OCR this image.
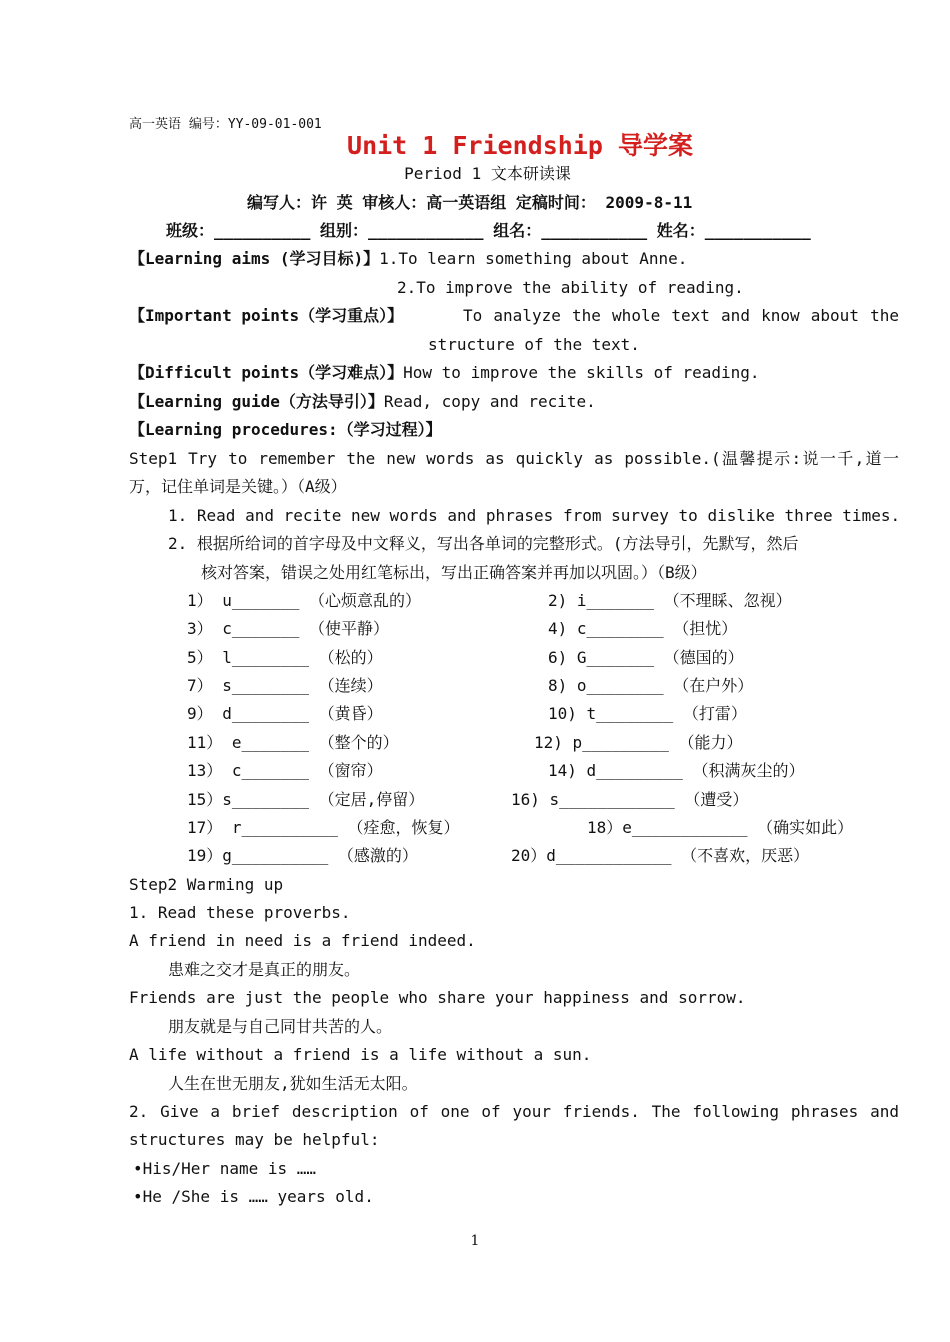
高一英语 编号：YY-09-01-001
Unit 1 Friendship 导学案
Period 1 文本研读课
编写人：许 英 审核人：高一英语组 定稿时间： 2009-8-11
班级：__________ 组别：____________ 组名：___________ 姓名：___________
【Learning aims (学习目标)】1.To learn something about Anne.
2.To improve the ability of reading.
【Important points（学习重点）】	To analyze the whole text and know about the
structure of the text.
【Difficult points（学习难点）】How to improve the skills of reading.
【Learning guide（方法导引）】Read, copy and recite.
【Learning procedures:（学习过程）】
Step1 Try to remember the new words as quickly as possible.(温馨提示:说一千,道一
万，记住单词是关键。）（A级）
1. Read and recite new words and phrases from survey to dislike three times.
2. 根据所给词的首字母及中文释义，写出各单词的完整形式。(方法导引，先默写，然后
核对答案，错误之处用红笔标出，写出正确答案并再加以巩固。）（B级）
1） u_______ （心烦意乱的）	2) i_______ （不理睬、忽视）
3） c_______ （使平静）	4) c________ （担忧）
5） l________ （松的）	6) G_______ （德国的）
7） s________ （连续）	8) o________ （在户外）
9） d________ （黄昏）	10) t________ （打雷）
11） e_______ （整个的）	12) p_________ （能力）
13） c_______ （窗帘）	14) d_________ （积满灰尘的）
15）s________ （定居,停留）	16) s____________ （遭受）
17） r__________ （痊愈，恢复）	18）e____________ （确实如此）
19）g__________ （感激的）	20）d____________ （不喜欢，厌恶）
Step2 Warming up
1. Read these proverbs.
A friend in need is a friend indeed.
患难之交才是真正的朋友。
Friends are just the people who share your happiness and sorrow.
朋友就是与自己同甘共苦的人。
A life without a friend is a life without a sun.
人生在世无朋友,犹如生活无太阳。
2. Give a brief description of one of your friends. The following phrases and
structures may be helpful:
•His/Her name is ……
•He /She is …… years old.
1
